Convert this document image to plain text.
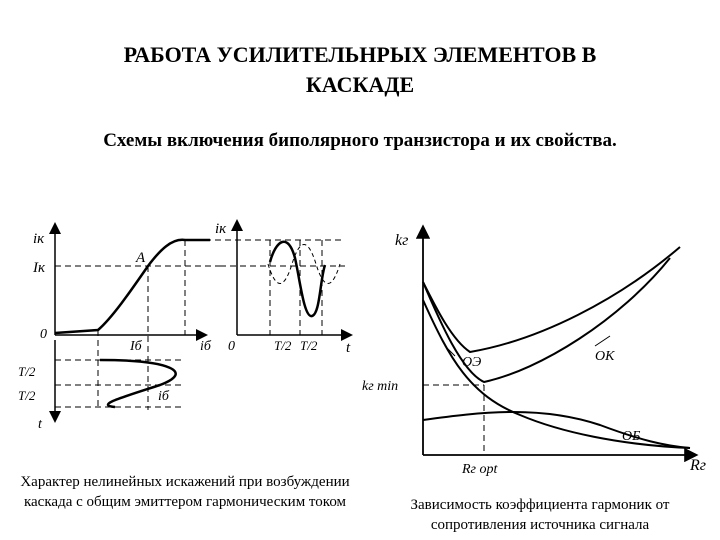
РАБОТА УСИЛИТЕЛЬНРЫХ ЭЛЕМЕНТОВ В
КАСКАДЕ
Схемы включения биполярного транзистора и их свойства.
iк
Iк
A
0
Iб	iб
T/2
T/2
t
iб
iк
0	T/2 T/2 t
kг
kг min
ОЭ	ОК
ОБ
Rг opt	Rг
Характер нелинейных искажений при возбуждении каскада с общим эмиттером гармоническим током	Зависимость коэффициента гармоник от сопротивления источника сигнала
